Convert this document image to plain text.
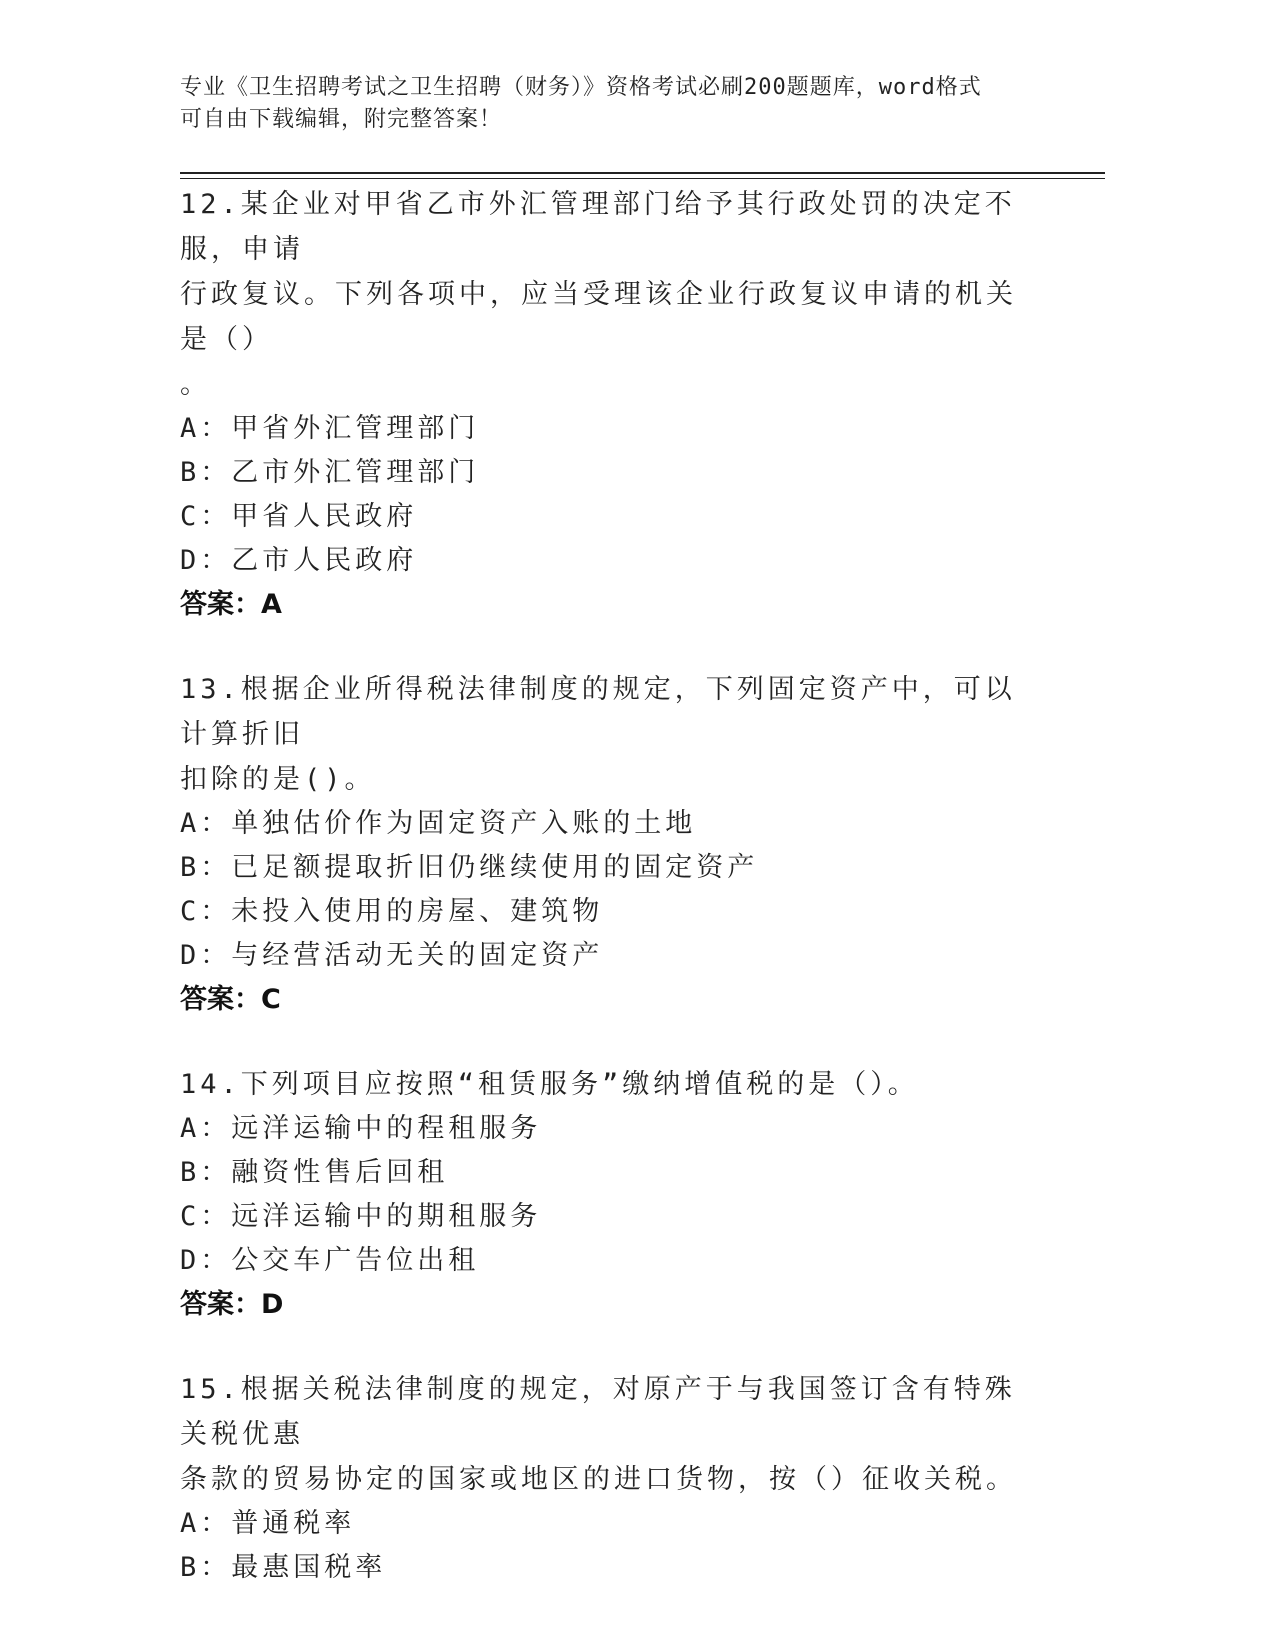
专业《卫生招聘考试之卫生招聘（财务）》资格考试必刷200题题库，word格式
可自由下载编辑，附完整答案！

12.某企业对甲省乙市外汇管理部门给予其行政处罚的决定不服，申请

行政复议。下列各项中，应当受理该企业行政复议申请的机关是（）

。

A：甲省外汇管理部门

B：乙市外汇管理部门

C：甲省人民政府

D：乙市人民政府

答案：A

13.根据企业所得税法律制度的规定，下列固定资产中，可以计算折旧

扣除的是()。

A：单独估价作为固定资产入账的土地

B：已足额提取折旧仍继续使用的固定资产

C：未投入使用的房屋、建筑物

D：与经营活动无关的固定资产

答案：C

14.下列项目应按照“租赁服务”缴纳增值税的是（）。

A：远洋运输中的程租服务

B：融资性售后回租

C：远洋运输中的期租服务

D：公交车广告位出租

答案：D

15.根据关税法律制度的规定，对原产于与我国签订含有特殊关税优惠

条款的贸易协定的国家或地区的进口货物，按（）征收关税。

A：普通税率

B：最惠国税率
